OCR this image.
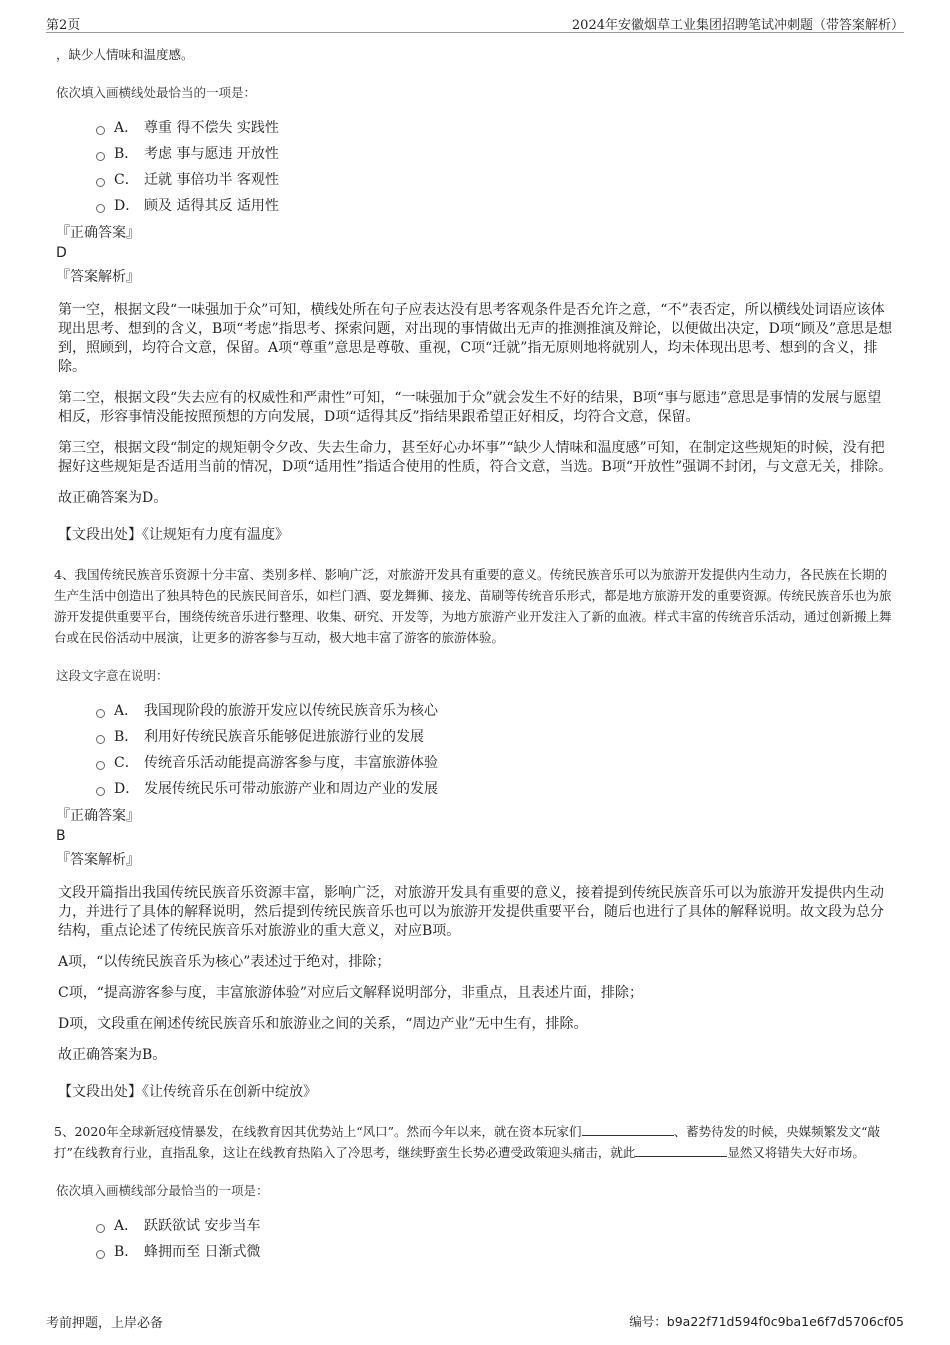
第2页	2024年安徽烟草工业集团招聘笔试冲刺题（带答案解析）

，缺少人情味和温度感。

依次填入画横线处最恰当的一项是：

A． 尊重 得不偿失 实践性
B． 考虑 事与愿违 开放性
C． 迁就 事倍功半 客观性
D． 顾及 适得其反 适用性

『正确答案』

D

『答案解析』

第一空，根据文段“一味强加于众”可知，横线处所在句子应表达没有思考客观条件是否允许之意，“不”表否定，所以横线处词语应该体现出思考、想到的含义，B项“考虑”指思考、探索问题，对出现的事情做出无声的推测推演及辩论，以便做出决定，D项“顾及”意思是想到，照顾到，均符合文意，保留。A项“尊重”意思是尊敬、重视，C项“迁就”指无原则地将就别人，均未体现出思考、想到的含义，排除。

第二空，根据文段“失去应有的权威性和严肃性”可知，“一味强加于众”就会发生不好的结果，B项“事与愿违”意思是事情的发展与愿望相反，形容事情没能按照预想的方向发展，D项“适得其反”指结果跟希望正好相反，均符合文意，保留。

第三空，根据文段“制定的规矩朝令夕改、失去生命力，甚至好心办坏事”“缺少人情味和温度感”可知，在制定这些规矩的时候，没有把握好这些规矩是否适用当前的情况，D项“适用性”指适合使用的性质，符合文意，当选。B项“开放性”强调不封闭，与文意无关，排除。

故正确答案为D。

【文段出处】《让规矩有力度有温度》

4、我国传统民族音乐资源十分丰富、类别多样、影响广泛，对旅游开发具有重要的意义。传统民族音乐可以为旅游开发提供内生动力，各民族在长期的生产生活中创造出了独具特色的民族民间音乐，如栏门酒、耍龙舞狮、接龙、苗刷等传统音乐形式，都是地方旅游开发的重要资源。传统民族音乐也为旅游开发提供重要平台，围绕传统音乐进行整理、收集、研究、开发等，为地方旅游产业开发注入了新的血液。样式丰富的传统音乐活动，通过创新搬上舞台或在民俗活动中展演，让更多的游客参与互动，极大地丰富了游客的旅游体验。

这段文字意在说明：

A． 我国现阶段的旅游开发应以传统民族音乐为核心
B． 利用好传统民族音乐能够促进旅游行业的发展
C． 传统音乐活动能提高游客参与度，丰富旅游体验
D． 发展传统民乐可带动旅游产业和周边产业的发展

『正确答案』

B

『答案解析』

文段开篇指出我国传统民族音乐资源丰富，影响广泛，对旅游开发具有重要的意义，接着提到传统民族音乐可以为旅游开发提供内生动力，并进行了具体的解释说明，然后提到传统民族音乐也可以为旅游开发提供重要平台，随后也进行了具体的解释说明。故文段为总分结构，重点论述了传统民族音乐对旅游业的重大意义，对应B项。

A项，“以传统民族音乐为核心”表述过于绝对，排除；

C项，“提高游客参与度，丰富旅游体验”对应后文解释说明部分，非重点，且表述片面，排除；

D项，文段重在阐述传统民族音乐和旅游业之间的关系，“周边产业”无中生有，排除。

故正确答案为B。

【文段出处】《让传统音乐在创新中绽放》

5、2020年全球新冠疫情暴发，在线教育因其优势站上“风口”。然而今年以来，就在资本玩家们	、蓄势待发的时候，央媒频繁发文“敲打”在线教育行业，直指乱象，这让在线教育热陷入了冷思考，继续野蛮生长势必遭受政策迎头痛击，就此	显然又将错失大好市场。

依次填入画横线部分最恰当的一项是：

A． 跃跃欲试 安步当车
B． 蜂拥而至 日渐式微
考前押题，上岸必备	编号：b9a22f71d594f0c9ba1e6f7d5706cf05
